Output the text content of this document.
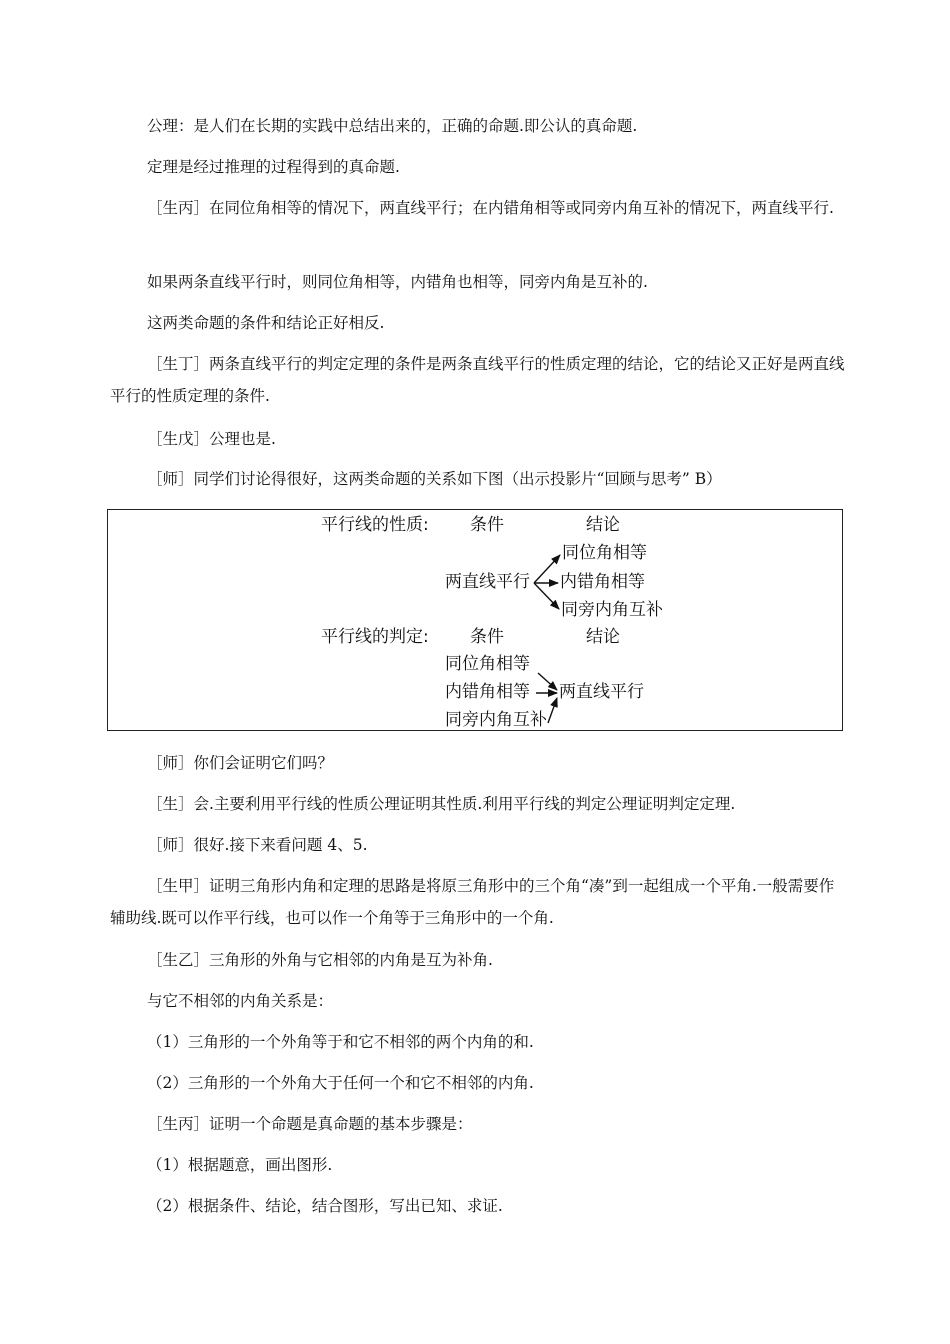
公理：是人们在长期的实践中总结出来的，正确的命题.即公认的真命题.

定理是经过推理的过程得到的真命题.

［生丙］在同位角相等的情况下，两直线平行；在内错角相等或同旁内角互补的情况下，两直线平行.

如果两条直线平行时，则同位角相等，内错角也相等，同旁内角是互补的.

这两类命题的条件和结论正好相反.

［生丁］两条直线平行的判定定理的条件是两条直线平行的性质定理的结论，它的结论又正好是两直线平行的性质定理的条件.

［生戊］公理也是.

［师］同学们讨论得很好，这两类命题的关系如下图（出示投影片“回顾与思考” B）

平行线的性质: 条件	结论
两直线平行
同位角相等
内错角相等
同旁内角互补
平行线的判定: 条件	结论
同位角相等
内错角相等
同旁内角互补
两直线平行

［师］你们会证明它们吗？

［生］会.主要利用平行线的性质公理证明其性质.利用平行线的判定公理证明判定定理.

［师］很好.接下来看问题 4、5.

［生甲］证明三角形内角和定理的思路是将原三角形中的三个角“凑”到一起组成一个平角.一般需要作辅助线.既可以作平行线，也可以作一个角等于三角形中的一个角.

［生乙］三角形的外角与它相邻的内角是互为补角.

与它不相邻的内角关系是：

（1）三角形的一个外角等于和它不相邻的两个内角的和.

（2）三角形的一个外角大于任何一个和它不相邻的内角.

［生丙］证明一个命题是真命题的基本步骤是：

（1）根据题意，画出图形.

（2）根据条件、结论，结合图形，写出已知、求证.
